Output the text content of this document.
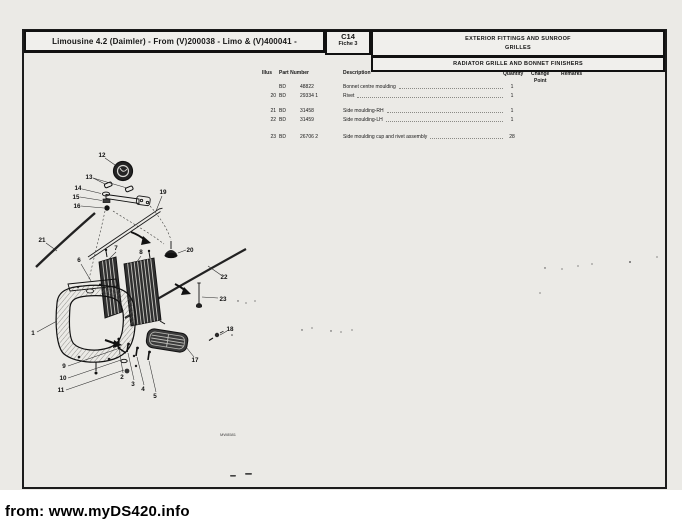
Limousine 4.2 (Daimler) - From (V)200038 - Limo & (V)400041 -	C14
Fiche 3
EXTERIOR FITTINGS AND SUNROOF
GRILLES
RADIATOR GRILLE AND BONNET FINISHERS
Illus Part Number	Description	Quantity Change
Point
Remarks
BD	48822	Bonnet centre moulding	1
20 BD	29334 1	Rivet	1
21 BD	31458	Side moulding-RH	1
22 BD	31459	Side moulding-LH	1
23 BD	26706 2	Side moulding cup and rivet assembly	28
1
2
3
4
5
6
7
8
9
10
11
12
13
14
15
16
17
18
19
20
21
22
23
MW8581
from: www.myDS420.info
